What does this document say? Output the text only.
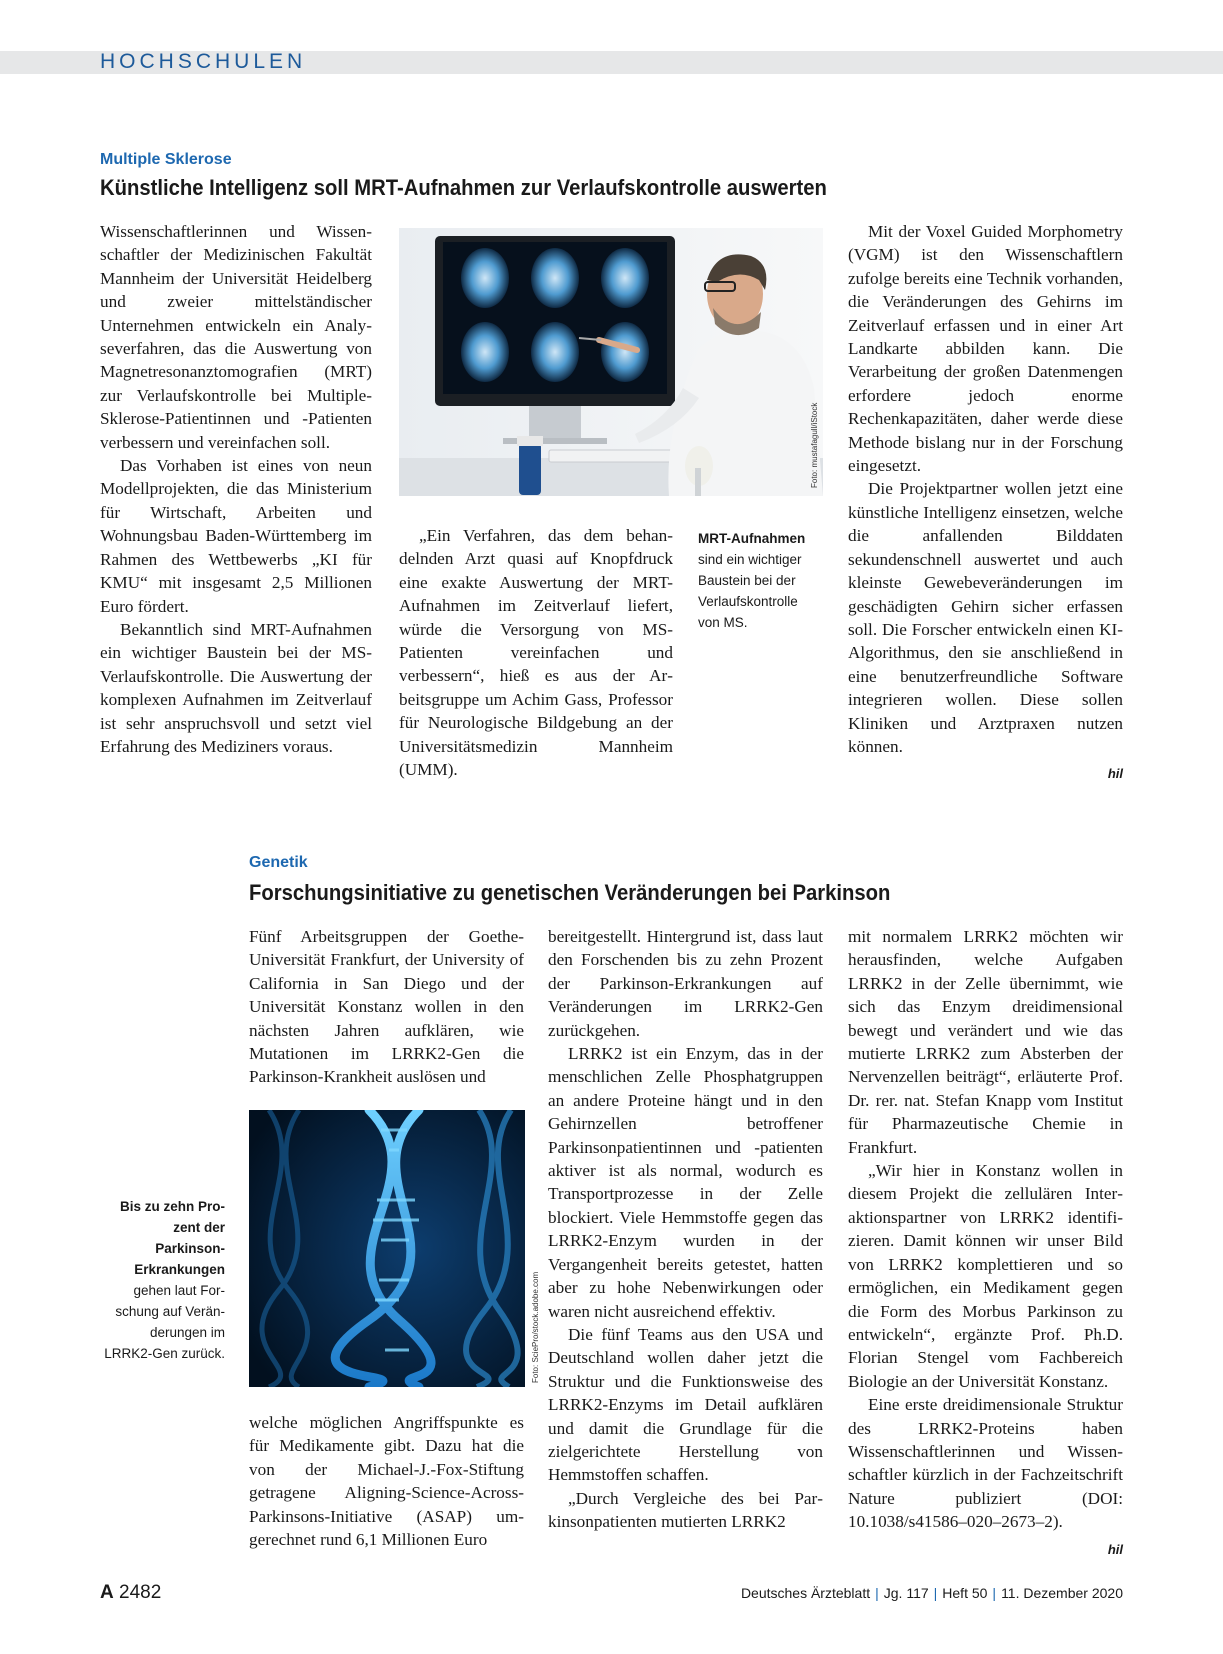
HOCHSCHULEN
Multiple Sklerose
Künstliche Intelligenz soll MRT-Aufnahmen zur Verlaufskontrolle auswerten

Wissenschaftlerinnen und Wissenschaftler der Medizinischen Fakultät Mannheim der Universität Heidelberg und zweier mittelständischer Unternehmen entwickeln ein Analyseverfahren, das die Auswertung von Magnetresonanztomografien (MRT) zur Verlaufskontrolle bei Multiple-Sklerose-Patientinnen und -Patienten verbessern und vereinfachen soll.

Das Vorhaben ist eines von neun Modellprojekten, die das Ministerium für Wirtschaft, Arbeiten und Wohnungsbau Baden-Württemberg im Rahmen des Wettbewerbs „KI für KMU“ mit insgesamt 2,5 Millionen Euro fördert.

Bekanntlich sind MRT-Aufnahmen ein wichtiger Baustein bei der MS-Verlaufskontrolle. Die Auswertung der komplexen Aufnahmen im Zeitverlauf ist sehr anspruchsvoll und setzt viel Erfahrung des Mediziners voraus.

Foto: mustafagull/iStock

„Ein Verfahren, das dem behandelnden Arzt quasi auf Knopfdruck eine exakte Auswertung der MRT-Aufnahmen im Zeitverlauf liefert, würde die Versorgung von MS-Patienten vereinfachen und verbessern“, hieß es aus der Arbeitsgruppe um Achim Gass, Professor für Neurologische Bildgebung an der Universitätsmedizin Mannheim (UMM).

MRT-Aufnahmen
sind ein wichtiger Baustein bei der Verlaufskontrolle von MS.

Mit der Voxel Guided Morphometry (VGM) ist den Wissenschaftlern zufolge bereits eine Technik vorhanden, die Veränderungen des Gehirns im Zeitverlauf erfassen und in einer Art Landkarte abbilden kann. Die Verarbeitung der großen Datenmengen erfordere jedoch enorme Rechenkapazitäten, daher werde diese Methode bislang nur in der Forschung eingesetzt.

Die Projektpartner wollen jetzt eine künstliche Intelligenz einsetzen, welche die anfallenden Bilddaten sekundenschnell auswertet und auch kleinste Gewebeveränderungen im geschädigten Gehirn sicher erfassen soll. Die Forscher entwickeln einen KI-Algorithmus, den sie anschließend in eine benutzerfreundliche Software integrieren wollen. Diese sollen Kliniken und Arztpraxen nutzen können.

hil
Genetik
Forschungsinitiative zu genetischen Veränderungen bei Parkinson

Fünf Arbeitsgruppen der Goethe-Universität Frankfurt, der University of California in San Diego und der Universität Konstanz wollen in den nächsten Jahren aufklären, wie Mutationen im LRRK2-Gen die Parkinson-Krankheit auslösen und

Foto: SciePro/stock.adobe.com
Bis zu zehn Prozent der Parkinson-Erkrankungen
gehen laut Forschung auf Veränderungen im LRRK2-Gen zurück.

welche möglichen Angriffspunkte es für Medikamente gibt. Dazu hat die von der Michael-J.-Fox-Stiftung getragene Aligning-Science-Across-Parkinsons-Initiative (ASAP) umgerechnet rund 6,1 Millionen Euro

bereitgestellt. Hintergrund ist, dass laut den Forschenden bis zu zehn Prozent der Parkinson-Erkrankungen auf Veränderungen im LRRK2-Gen zurückgehen.

LRRK2 ist ein Enzym, das in der menschlichen Zelle Phosphatgruppen an andere Proteine hängt und in den Gehirnzellen betroffener Parkinsonpatientinnen und -patienten aktiver ist als normal, wodurch es Transportprozesse in der Zelle blockiert. Viele Hemmstoffe gegen das LRRK2-Enzym wurden in der Vergangenheit bereits getestet, hatten aber zu hohe Nebenwirkungen oder waren nicht ausreichend effektiv.

Die fünf Teams aus den USA und Deutschland wollen daher jetzt die Struktur und die Funktionsweise des LRRK2-Enzyms im Detail aufklären und damit die Grundlage für die zielgerichtete Herstellung von Hemmstoffen schaffen.

„Durch Vergleiche des bei Parkinsonpatienten mutierten LRRK2

mit normalem LRRK2 möchten wir herausfinden, welche Aufgaben LRRK2 in der Zelle übernimmt, wie sich das Enzym dreidimensional bewegt und verändert und wie das mutierte LRRK2 zum Absterben der Nervenzellen beiträgt“, erläuterte Prof. Dr. rer. nat. Stefan Knapp vom Institut für Pharmazeutische Chemie in Frankfurt.

„Wir hier in Konstanz wollen in diesem Projekt die zellulären Interaktionspartner von LRRK2 identifizieren. Damit können wir unser Bild von LRRK2 komplettieren und so ermöglichen, ein Medikament gegen die Form des Morbus Parkinson zu entwickeln“, ergänzte Prof. Ph.D. Florian Stengel vom Fachbereich Biologie an der Universität Konstanz.

Eine erste dreidimensionale Struktur des LRRK2-Proteins haben Wissenschaftlerinnen und Wissenschaftler kürzlich in der Fachzeitschrift Nature publiziert (DOI: 10.1038/s41586–020–2673–2).

hil
A 2482	Deutsches Ärzteblatt | Jg. 117 | Heft 50 | 11. Dezember 2020
